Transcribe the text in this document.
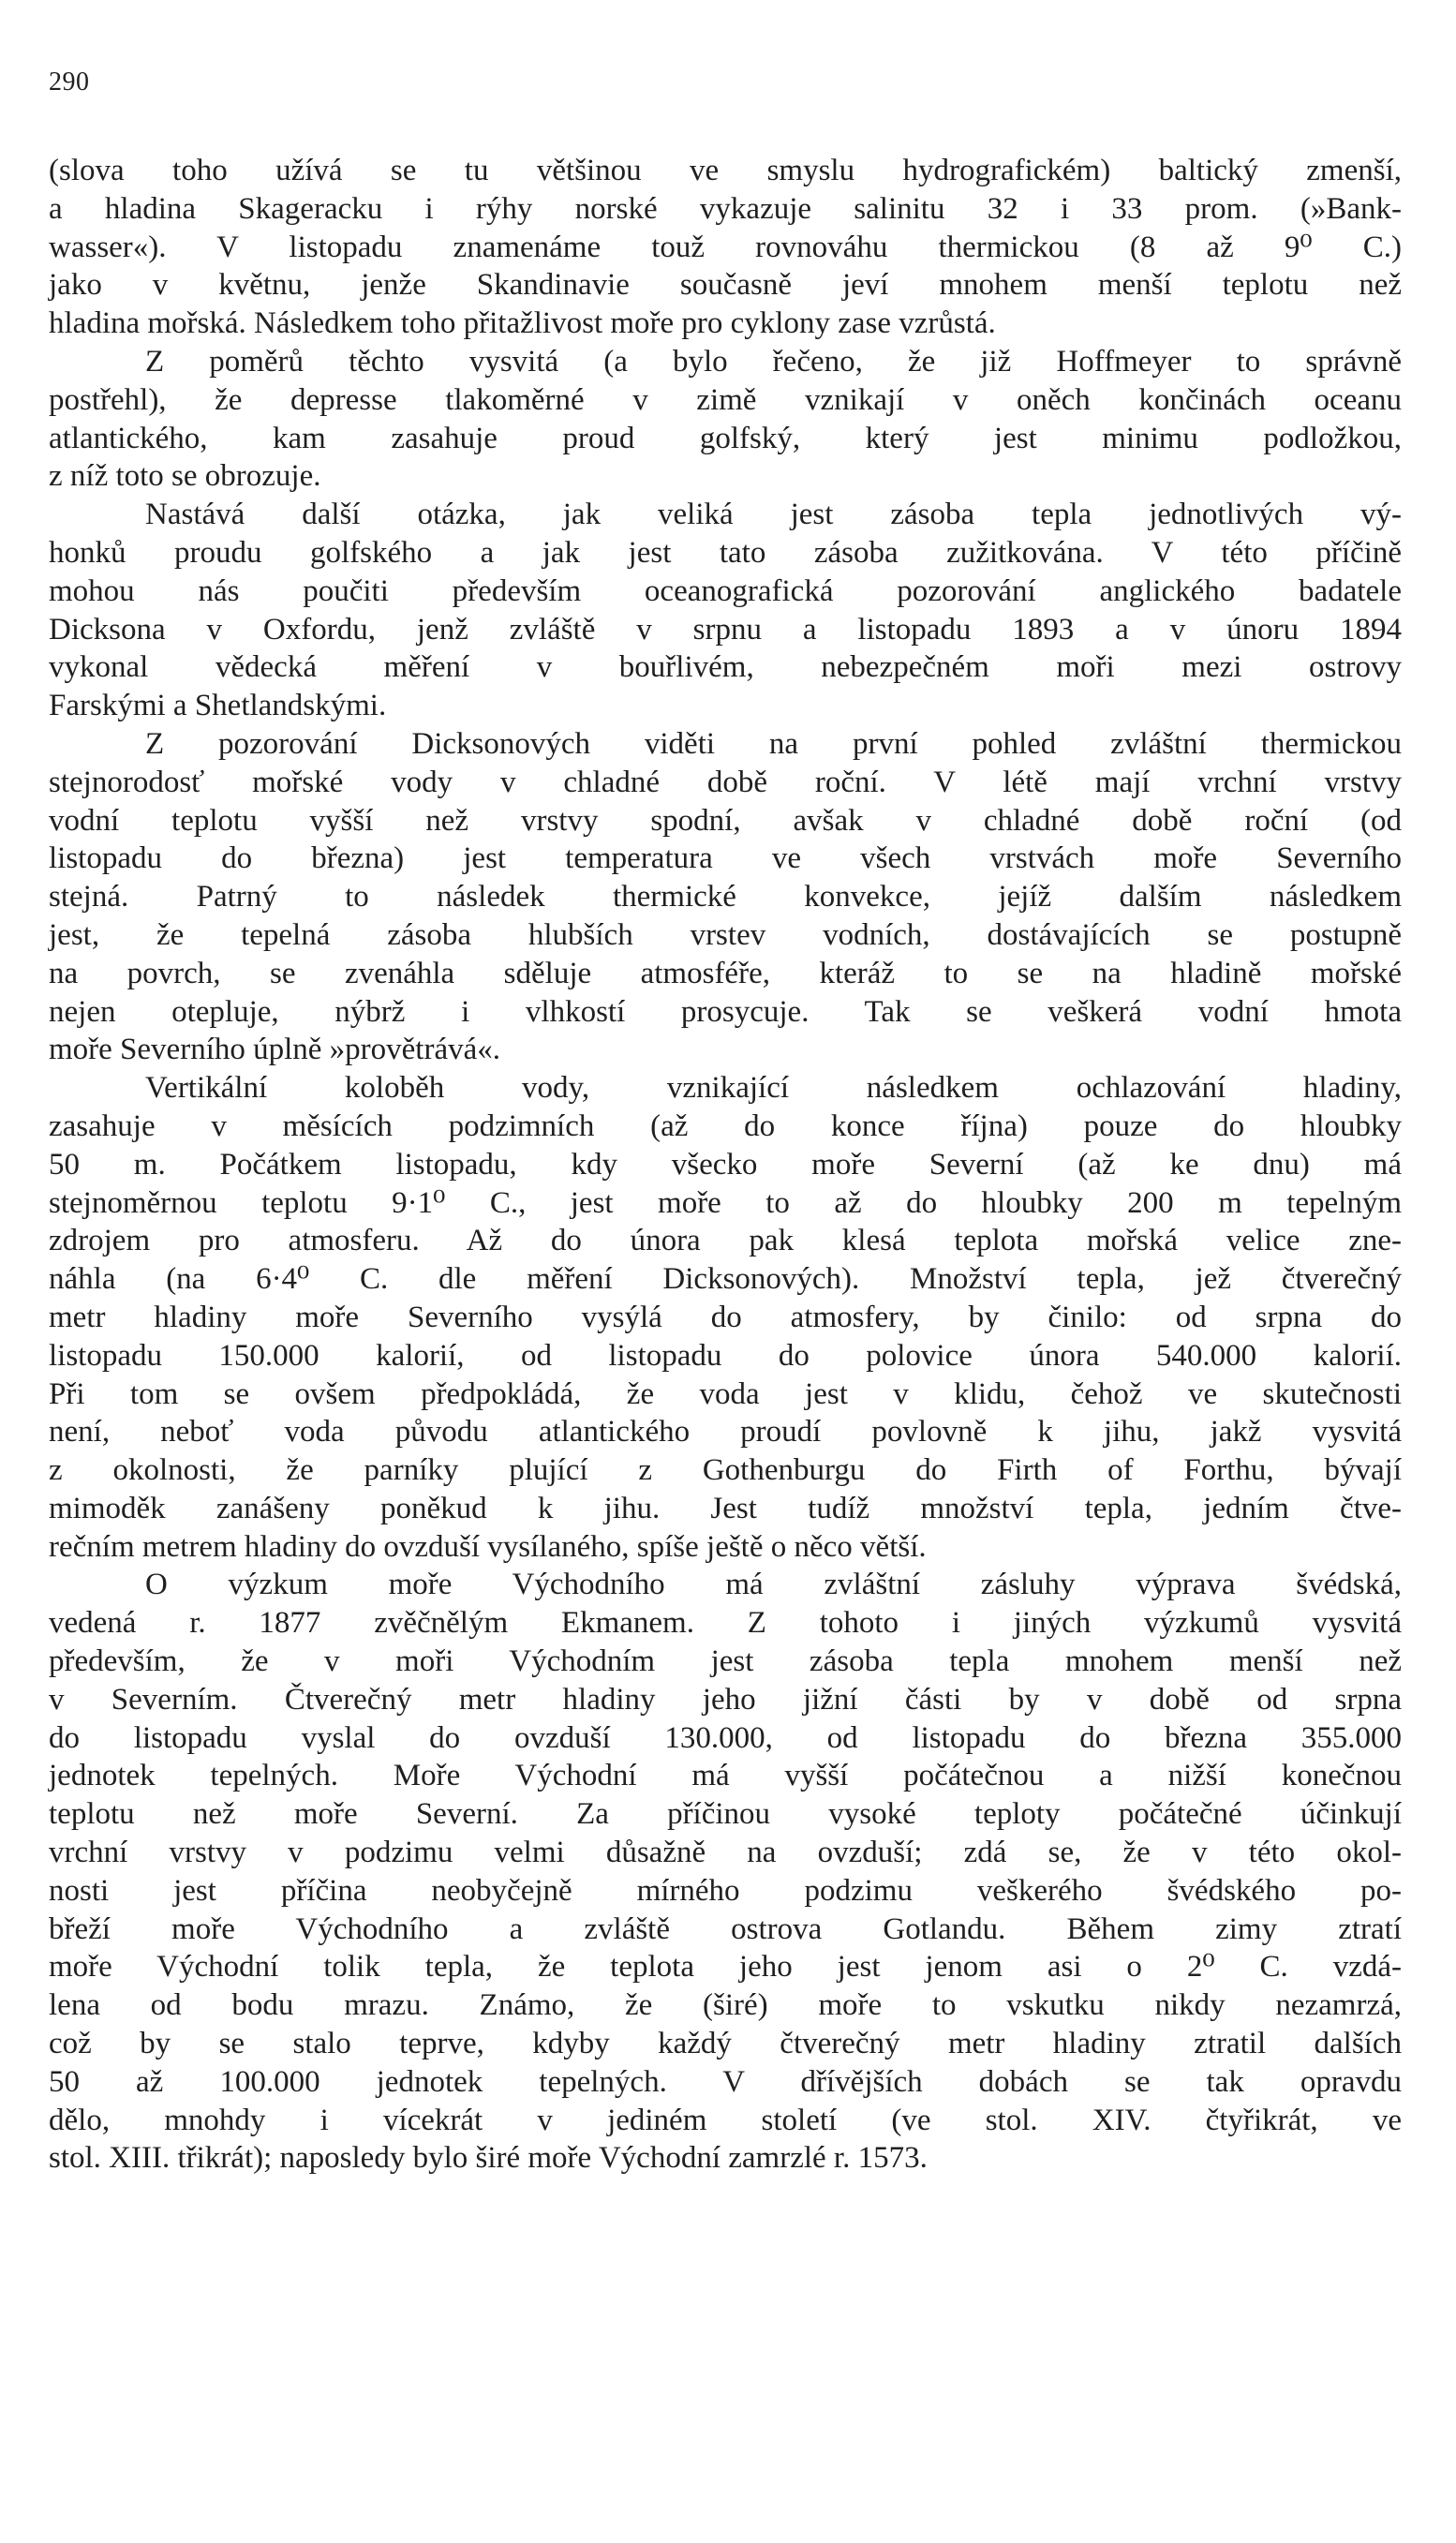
290
(slova toho užívá se tu většinou ve smyslu hydrografickém) baltický zmenší,
a hladina Skageracku i rýhy norské vykazuje salinitu 32 i 33 prom. (»Bank-
wasser«). V listopadu znamenáme touž rovnováhu thermickou (8 až 9⁰ C.)
jako v květnu, jenže Skandinavie současně jeví mnohem menší teplotu než
hladina mořská. Následkem toho přitažlivost moře pro cyklony zase vzrůstá.
Z poměrů těchto vysvitá (a bylo řečeno, že již Hoffmeyer to správně
postřehl), že depresse tlakoměrné v zimě vznikají v oněch končinách oceanu
atlantického, kam zasahuje proud golfský, který jest minimu podložkou,
z níž toto se obrozuje.
Nastává další otázka, jak veliká jest zásoba tepla jednotlivých vý-
honků proudu golfského a jak jest tato zásoba zužitkována. V této příčině
mohou nás poučiti především oceanografická pozorování anglického badatele
Dicksona v Oxfordu, jenž zvláště v srpnu a listopadu 1893 a v únoru 1894
vykonal vědecká měření v bouřlivém, nebezpečném moři mezi ostrovy
Farskými a Shetlandskými.
Z pozorování Dicksonových viděti na první pohled zvláštní thermickou
stejnorodosť mořské vody v chladné době roční. V létě mají vrchní vrstvy
vodní teplotu vyšší než vrstvy spodní, avšak v chladné době roční (od
listopadu do března) jest temperatura ve všech vrstvách moře Severního
stejná. Patrný to následek thermické konvekce, jejíž dalším následkem
jest, že tepelná zásoba hlubších vrstev vodních, dostávajících se postupně
na povrch, se zvenáhla sděluje atmosféře, kteráž to se na hladině mořské
nejen otepluje, nýbrž i vlhkostí prosycuje. Tak se veškerá vodní hmota
moře Severního úplně »provětrává«.
Vertikální koloběh vody, vznikající následkem ochlazování hladiny,
zasahuje v měsících podzimních (až do konce října) pouze do hloubky
50 m. Počátkem listopadu, kdy všecko moře Severní (až ke dnu) má
stejnoměrnou teplotu 9·1⁰ C., jest moře to až do hloubky 200 m tepelným
zdrojem pro atmosferu. Až do února pak klesá teplota mořská velice zne-
náhla (na 6·4⁰ C. dle měření Dicksonových). Množství tepla, jež čtverečný
metr hladiny moře Severního vysýlá do atmosfery, by činilo: od srpna do
listopadu 150.000 kalorií, od listopadu do polovice února 540.000 kalorií.
Při tom se ovšem předpokládá, že voda jest v klidu, čehož ve skutečnosti
není, neboť voda původu atlantického proudí povlovně k jihu, jakž vysvitá
z okolnosti, že parníky plující z Gothenburgu do Firth of Forthu, bývají
mimoděk zanášeny poněkud k jihu. Jest tudíž množství tepla, jedním čtve-
rečním metrem hladiny do ovzduší vysílaného, spíše ještě o něco větší.
O výzkum moře Východního má zvláštní zásluhy výprava švédská,
vedená r. 1877 zvěčnělým Ekmanem. Z tohoto i jiných výzkumů vysvitá
především, že v moři Východním jest zásoba tepla mnohem menší než
v Severním. Čtverečný metr hladiny jeho jižní části by v době od srpna
do listopadu vyslal do ovzduší 130.000, od listopadu do března 355.000
jednotek tepelných. Moře Východní má vyšší počátečnou a nižší konečnou
teplotu než moře Severní. Za příčinou vysoké teploty počátečné účinkují
vrchní vrstvy v podzimu velmi důsažně na ovzduší; zdá se, že v této okol-
nosti jest příčina neobyčejně mírného podzimu veškerého švédského po-
břeží moře Východního a zvláště ostrova Gotlandu. Během zimy ztratí
moře Východní tolik tepla, že teplota jeho jest jenom asi o 2⁰ C. vzdá-
lena od bodu mrazu. Známo, že (širé) moře to vskutku nikdy nezamrzá,
což by se stalo teprve, kdyby každý čtverečný metr hladiny ztratil dalších
50 až 100.000 jednotek tepelných. V dřívějších dobách se tak opravdu
dělo, mnohdy i vícekrát v jediném století (ve stol. XIV. čtyřikrát, ve
stol. XIII. třikrát); naposledy bylo širé moře Východní zamrzlé r. 1573.
